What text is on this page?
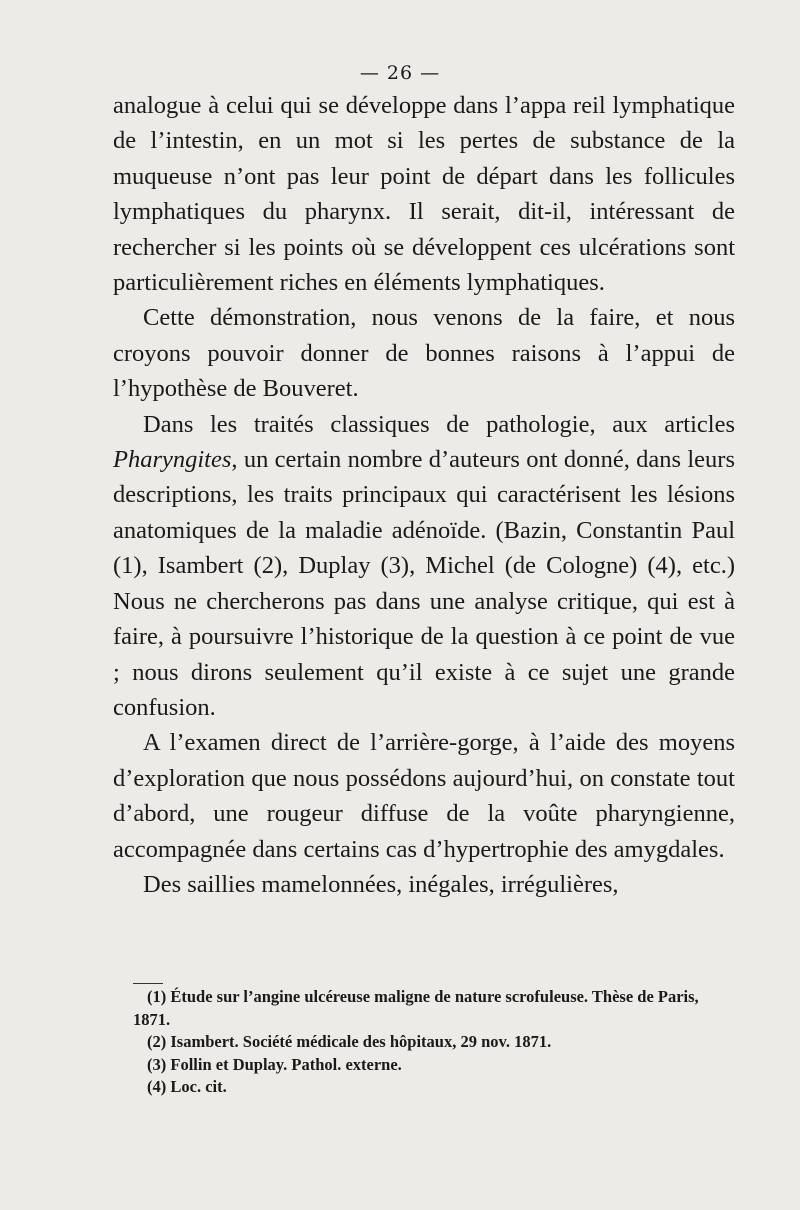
— 26 —

analogue à celui qui se développe dans l’appa reil lymphatique de l’intestin, en un mot si les pertes de substance de la muqueuse n’ont pas leur point de départ dans les follicules lymphatiques du pharynx. Il serait, dit-il, intéressant de rechercher si les points où se développent ces ulcérations sont particulièrement riches en éléments lymphatiques.

Cette démonstration, nous venons de la faire, et nous croyons pouvoir donner de bonnes raisons à l’appui de l’hypothèse de Bouveret.

Dans les traités classiques de pathologie, aux articles Pharyngites, un certain nombre d’auteurs ont donné, dans leurs descriptions, les traits principaux qui caractérisent les lésions anatomiques de la maladie adénoïde. (Bazin, Constantin Paul (1), Isambert (2), Duplay (3), Michel (de Cologne) (4), etc.) Nous ne chercherons pas dans une analyse critique, qui est à faire, à poursuivre l’historique de la question à ce point de vue ; nous dirons seulement qu’il existe à ce sujet une grande confusion.

A l’examen direct de l’arrière-gorge, à l’aide des moyens d’exploration que nous possédons aujourd’hui, on constate tout d’abord, une rougeur diffuse de la voûte pharyngienne, accompagnée dans certains cas d’hypertrophie des amygdales.

Des saillies mamelonnées, inégales, irrégulières,

(1) Étude sur l’angine ulcéreuse maligne de nature scrofuleuse. Thèse de Paris, 1871.

(2) Isambert. Société médicale des hôpitaux, 29 nov. 1871.

(3) Follin et Duplay. Pathol. externe.

(4) Loc. cit.
